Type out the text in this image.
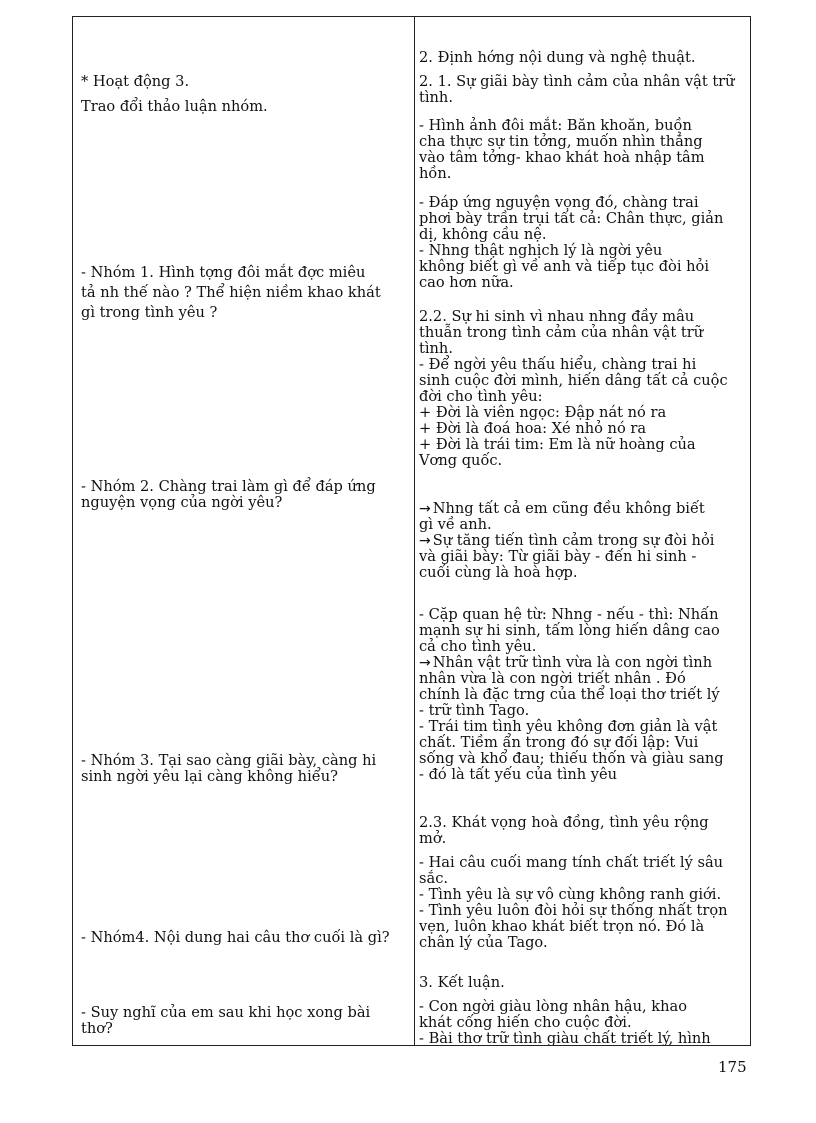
* Hoạt động 3.
Trao đổi thảo luận nhóm.
- Nhóm 1. Hình tợng đôi mắt đợc miêu
tả nh thế nào ? Thể hiện niềm khao khát
gì trong tình yêu ?
- Nhóm 2. Chàng trai làm gì để đáp ứng
nguyện vọng của ngời yêu?
- Nhóm 3. Tại sao càng giãi bày, càng hi
sinh ngời yêu lại càng không hiểu?
- Nhóm4. Nội dung hai câu thơ cuối là gì?
- Suy nghĩ của em sau khi học xong bài
thơ?
2. Định hớng nội dung và nghệ thuật.
2. 1. Sự giãi bày tình cảm của nhân vật trữ
tình.
- Hình ảnh đôi mắt: Băn khoăn, buồn
cha thực sự tin tởng, muốn nhìn thẳng
vào tâm tởng- khao khát hoà nhập tâm
hồn.
- Đáp ứng nguyện vọng đó, chàng trai
phơi bày trần trụi tất cả: Chân thực, giản
dị, không cầu nệ.
- Nhng thật nghịch lý là ngời yêu
không biết gì về anh và tiếp tục đòi hỏi
cao hơn nữa.
2.2. Sự hi sinh vì nhau nhng đầy mâu
thuẫn trong tình cảm của nhân vật trữ
tình.
- Để ngời yêu thấu hiểu, chàng trai hi
sinh cuộc đời mình, hiến dâng tất cả cuộc
đời cho tình yêu:
+ Đời là viên ngọc: Đập nát nó ra
+ Đời là đoá hoa: Xé nhỏ nó ra
+ Đời là trái tim: Em là nữ hoàng của
Vơng quốc.
→ Nhng tất cả em cũng đều không biết
gì về anh.
→ Sự tăng tiến tình cảm trong sự đòi hỏi
và giãi bày: Từ giãi bày - đến hi sinh -
cuối cùng là hoà hợp.
- Cặp quan hệ từ: Nhng - nếu - thì: Nhấn
mạnh sự hi sinh, tấm lòng hiến dâng cao
cả cho tình yêu.
→ Nhân vật trữ tình vừa là con ngời tình
nhân vừa là con ngời triết nhân . Đó
chính là đặc trng của thể loại thơ triết lý
- trữ tình Tago.
- Trái tim tình yêu không đơn giản là vật
chất. Tiềm ẩn trong đó sự đối lập: Vui
sống và khổ đau; thiếu thốn và giàu sang
- đó là tất yếu của tình yêu
2.3. Khát vọng hoà đồng, tình yêu rộng
mở.
- Hai câu cuối mang tính chất triết lý sâu
sắc.
- Tình yêu là sự vô cùng không ranh giới.
- Tình yêu luôn đòi hỏi sự thống nhất trọn
vẹn, luôn khao khát biết trọn nó. Đó là
chân lý của Tago.
3. Kết luận.
- Con ngời giàu lòng nhân hậu, khao
khát cống hiến cho cuộc đời.
- Bài thơ trữ tình giàu chất triết lý, hình
175
